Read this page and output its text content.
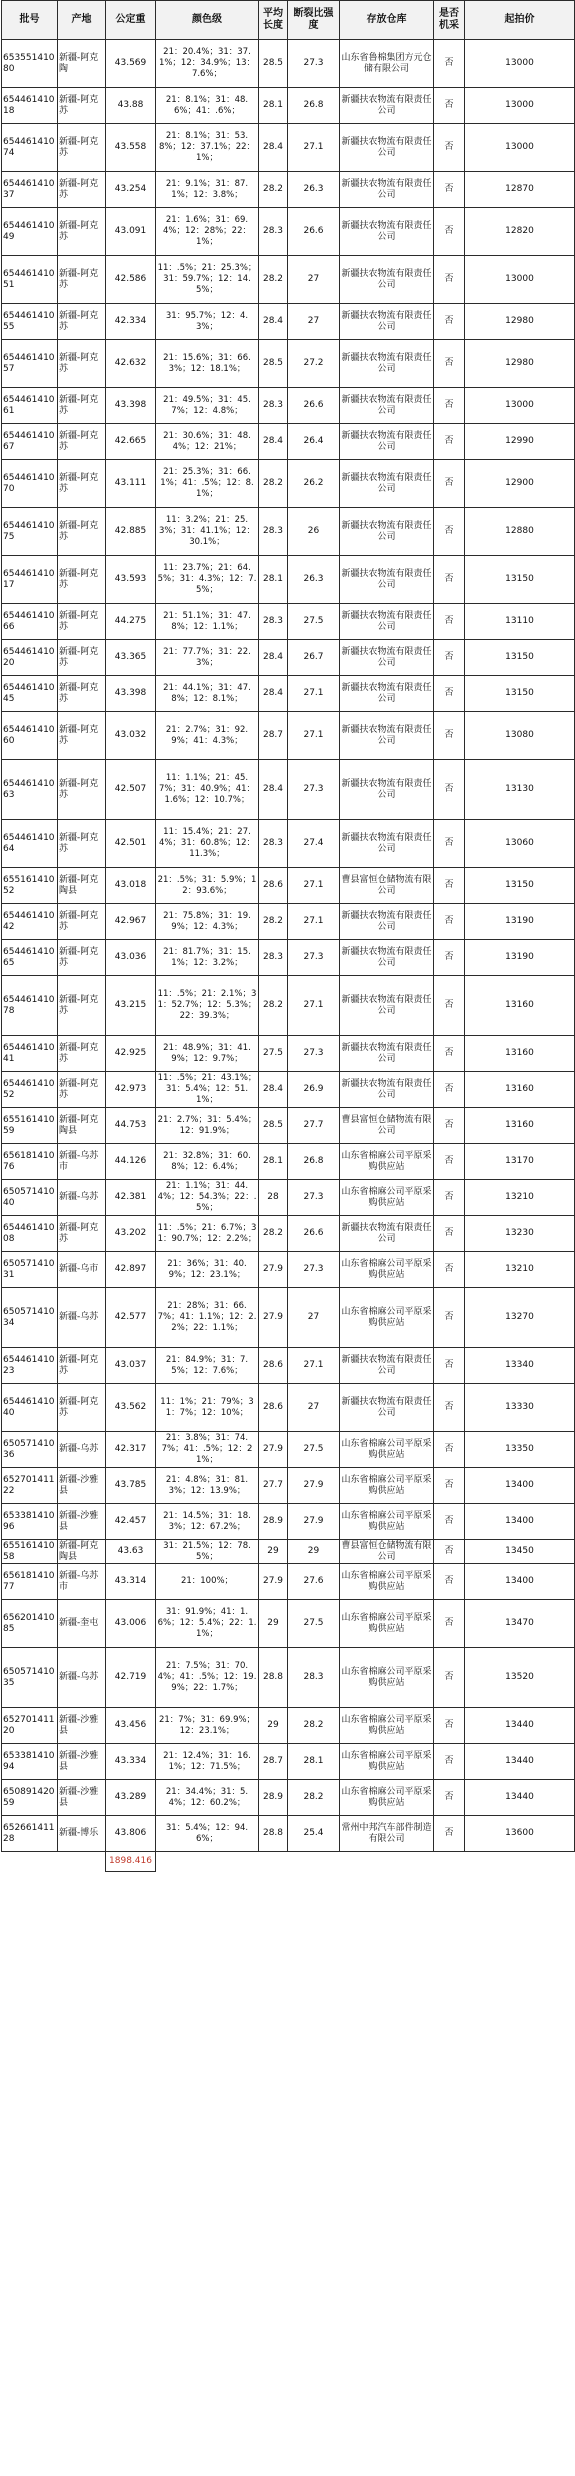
批号	产地	公定重	颜色级	平均长度	断裂比强度	存放仓库	是否机采	起拍价
65355141080	新疆-阿克陶	43.569	21：20.4%；31：37.1%；12：34.9%；13：7.6%；	28.5	27.3	山东省鲁棉集团方元仓储有限公司	否	13000
65446141018	新疆-阿克苏	43.88	21：8.1%；31：48.6%；41：.6%；	28.1	26.8	新疆扶农物流有限责任公司	否	13000
65446141074	新疆-阿克苏	43.558	21：8.1%；31：53.8%；12：37.1%；22：1%；	28.4	27.1	新疆扶农物流有限责任公司	否	13000
65446141037	新疆-阿克苏	43.254	21：9.1%；31：87.1%；12：3.8%；	28.2	26.3	新疆扶农物流有限责任公司	否	12870
65446141049	新疆-阿克苏	43.091	21：1.6%；31：69.4%；12：28%；22：1%；	28.3	26.6	新疆扶农物流有限责任公司	否	12820
65446141051	新疆-阿克苏	42.586	11：.5%；21：25.3%；31：59.7%；12：14.5%；	28.2	27	新疆扶农物流有限责任公司	否	13000
65446141055	新疆-阿克苏	42.334	31：95.7%；12：4.3%；	28.4	27	新疆扶农物流有限责任公司	否	12980
65446141057	新疆-阿克苏	42.632	21：15.6%；31：66.3%；12：18.1%；	28.5	27.2	新疆扶农物流有限责任公司	否	12980
65446141061	新疆-阿克苏	43.398	21：49.5%；31：45.7%；12：4.8%；	28.3	26.6	新疆扶农物流有限责任公司	否	13000
65446141067	新疆-阿克苏	42.665	21：30.6%；31：48.4%；12：21%；	28.4	26.4	新疆扶农物流有限责任公司	否	12990
65446141070	新疆-阿克苏	43.111	21：25.3%；31：66.1%；41：.5%；12：8.1%；	28.2	26.2	新疆扶农物流有限责任公司	否	12900
65446141075	新疆-阿克苏	42.885	11：3.2%；21：25.3%；31：41.1%；12：30.1%；	28.3	26	新疆扶农物流有限责任公司	否	12880
65446141017	新疆-阿克苏	43.593	11：23.7%；21：64.5%；31：4.3%；12：7.5%；	28.1	26.3	新疆扶农物流有限责任公司	否	13150
65446141066	新疆-阿克苏	44.275	21：51.1%；31：47.8%；12：1.1%；	28.3	27.5	新疆扶农物流有限责任公司	否	13110
65446141020	新疆-阿克苏	43.365	21：77.7%；31：22.3%；	28.4	26.7	新疆扶农物流有限责任公司	否	13150
65446141045	新疆-阿克苏	43.398	21：44.1%；31：47.8%；12：8.1%；	28.4	27.1	新疆扶农物流有限责任公司	否	13150
65446141060	新疆-阿克苏	43.032	21：2.7%；31：92.9%；41：4.3%；	28.7	27.1	新疆扶农物流有限责任公司	否	13080
65446141063	新疆-阿克苏	42.507	11：1.1%；21：45.7%；31：40.9%；41：1.6%；12：10.7%；	28.4	27.3	新疆扶农物流有限责任公司	否	13130
65446141064	新疆-阿克苏	42.501	11：15.4%；21：27.4%；31：60.8%；12：11.3%；	28.3	27.4	新疆扶农物流有限责任公司	否	13060
65516141052	新疆-阿克陶县	43.018	21：.5%；31：5.9%；12：93.6%；	28.6	27.1	曹县富恒仓储物流有限公司	否	13150
65446141042	新疆-阿克苏	42.967	21：75.8%；31：19.9%；12：4.3%；	28.2	27.1	新疆扶农物流有限责任公司	否	13190
65446141065	新疆-阿克苏	43.036	21：81.7%；31：15.1%；12：3.2%；	28.3	27.3	新疆扶农物流有限责任公司	否	13190
65446141078	新疆-阿克苏	43.215	11：.5%；21：2.1%；31：52.7%；12：5.3%；22：39.3%；	28.2	27.1	新疆扶农物流有限责任公司	否	13160
65446141041	新疆-阿克苏	42.925	21：48.9%；31：41.9%；12：9.7%；	27.5	27.3	新疆扶农物流有限责任公司	否	13160
65446141052	新疆-阿克苏	42.973	11：.5%；21：43.1%；31：5.4%；12：51.1%；	28.4	26.9	新疆扶农物流有限责任公司	否	13160
65516141059	新疆-阿克陶县	44.753	21：2.7%；31：5.4%；12：91.9%；	28.5	27.7	曹县富恒仓储物流有限公司	否	13160
65618141076	新疆-乌苏市	44.126	21：32.8%；31：60.8%；12：6.4%；	28.1	26.8	山东省棉麻公司平原采购供应站	否	13170
65057141040	新疆-乌苏	42.381	21：1.1%；31：44.4%；12：54.3%；22：.5%；	28	27.3	山东省棉麻公司平原采购供应站	否	13210
65446141008	新疆-阿克苏	43.202	11：.5%；21：6.7%；31：90.7%；12：2.2%；	28.2	26.6	新疆扶农物流有限责任公司	否	13230
65057141031	新疆-乌市	42.897	21：36%；31：40.9%；12：23.1%；	27.9	27.3	山东省棉麻公司平原采购供应站	否	13210
65057141034	新疆-乌苏	42.577	21：28%；31：66.7%；41：1.1%；12：2.2%；22：1.1%；	27.9	27	山东省棉麻公司平原采购供应站	否	13270
65446141023	新疆-阿克苏	43.037	21：84.9%；31：7.5%；12：7.6%；	28.6	27.1	新疆扶农物流有限责任公司	否	13340
65446141040	新疆-阿克苏	43.562	11：1%；21：79%；31：7%；12：10%；	28.6	27	新疆扶农物流有限责任公司	否	13330
65057141036	新疆-乌苏	42.317	21：3.8%；31：74.7%；41：.5%；12：21%；	27.9	27.5	山东省棉麻公司平原采购供应站	否	13350
65270141122	新疆-沙雅县	43.785	21：4.8%；31：81.3%；12：13.9%；	27.7	27.9	山东省棉麻公司平原采购供应站	否	13400
65338141096	新疆-沙雅县	42.457	21：14.5%；31：18.3%；12：67.2%；	28.9	27.9	山东省棉麻公司平原采购供应站	否	13400
65516141058	新疆-阿克陶县	43.63	31：21.5%；12：78.5%；	29	29	曹县富恒仓储物流有限公司	否	13450
65618141077	新疆-乌苏市	43.314	21：100%；	27.9	27.6	山东省棉麻公司平原采购供应站	否	13400
65620141085	新疆-奎屯	43.006	31：91.9%；41：1.6%；12：5.4%；22：1.1%；	29	27.5	山东省棉麻公司平原采购供应站	否	13470
65057141035	新疆-乌苏	42.719	21：7.5%；31：70.4%；41：.5%；12：19.9%；22：1.7%；	28.8	28.3	山东省棉麻公司平原采购供应站	否	13520
65270141120	新疆-沙雅县	43.456	21：7%；31：69.9%；12：23.1%；	29	28.2	山东省棉麻公司平原采购供应站	否	13440
65338141094	新疆-沙雅县	43.334	21：12.4%；31：16.1%；12：71.5%；	28.7	28.1	山东省棉麻公司平原采购供应站	否	13440
65089142059	新疆-沙雅县	43.289	21：34.4%；31：5.4%；12：60.2%；	28.9	28.2	山东省棉麻公司平原采购供应站	否	13440
65266141128	新疆-博乐	43.806	31：5.4%；12：94.6%；	28.8	25.4	常州中邦汽车部件制造有限公司	否	13600
		1898.416						
